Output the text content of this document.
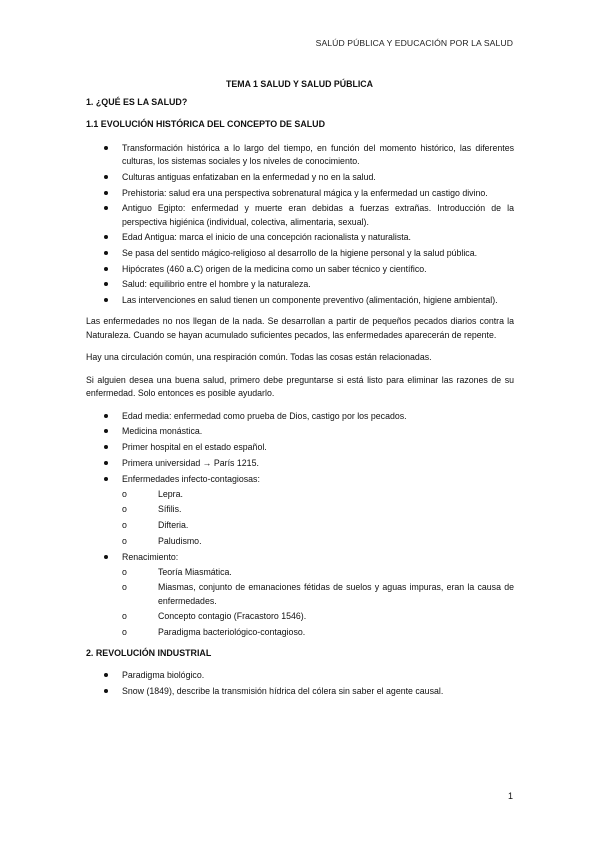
SALÚD PÚBLICA Y EDUCACIÓN POR LA SALUD
TEMA 1 SALUD Y SALUD PÚBLICA
1. ¿QUÉ ES LA SALUD?
1.1 EVOLUCIÓN HISTÓRICA DEL CONCEPTO DE SALUD
Transformación histórica a lo largo del tiempo, en función del momento histórico, las diferentes culturas, los sistemas sociales y los niveles de conocimiento.
Culturas antiguas enfatizaban en la enfermedad y no en la salud.
Prehistoria: salud era una perspectiva sobrenatural mágica y la enfermedad un castigo divino.
Antiguo Egipto: enfermedad y muerte eran debidas a fuerzas extrañas. Introducción de la perspectiva higiénica (individual, colectiva, alimentaria, sexual).
Edad Antigua: marca el inicio de una concepción racionalista y naturalista.
Se pasa del sentido mágico-religioso al desarrollo de la higiene personal y la salud pública.
Hipócrates (460 a.C) origen de la medicina como un saber técnico y científico.
Salud: equilibrio entre el hombre y la naturaleza.
Las intervenciones en salud tienen un componente preventivo (alimentación, higiene ambiental).

Las enfermedades no nos llegan de la nada. Se desarrollan a partir de pequeños pecados diarios contra la Naturaleza. Cuando se hayan acumulado suficientes pecados, las enfermedades aparecerán de repente.

Hay una circulación común, una respiración común. Todas las cosas están relacionadas.

Si alguien desea una buena salud, primero debe preguntarse si está listo para eliminar las razones de su enfermedad. Solo entonces es posible ayudarlo.

Edad media: enfermedad como prueba de Dios, castigo por los pecados.
Medicina monástica.
Primer hospital en el estado español.
Primera universidad → París 1215.
Enfermedades infecto-contagiosas:
o Lepra.
o Sífilis.
o Difteria.
o Paludismo.
Renacimiento:
o Teoría Miasmática.
o Miasmas, conjunto de emanaciones fétidas de suelos y aguas impuras, eran la causa de enfermedades.
o Concepto contagio (Fracastoro 1546).
o Paradigma bacteriológico-contagioso.
2. REVOLUCIÓN INDUSTRIAL
Paradigma biológico.
Snow (1849), describe la transmisión hídrica del cólera sin saber el agente causal.
1
